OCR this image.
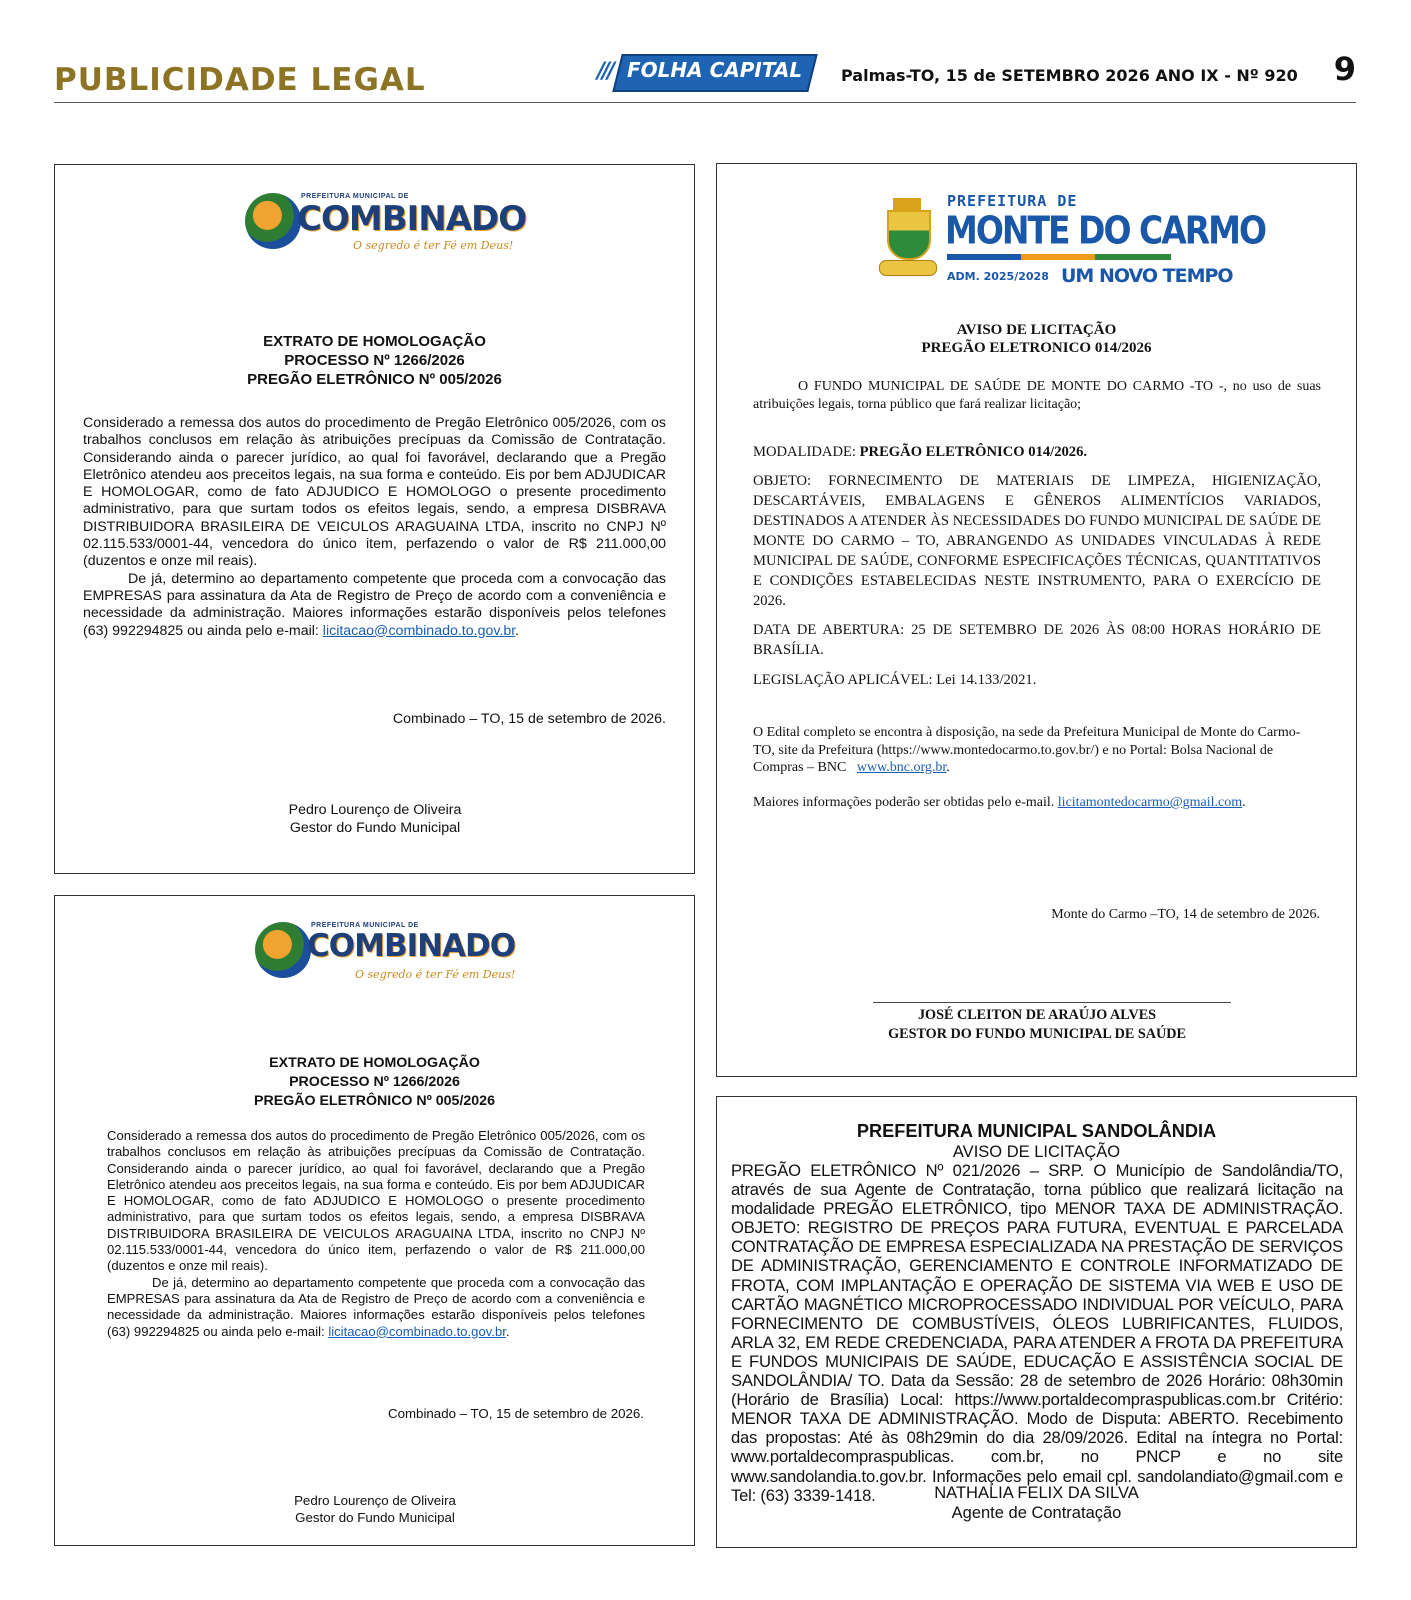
PUBLICIDADE LEGAL	/// FOLHA CAPITAL Palmas-TO, 15 de SETEMBRO 2026 ANO IX - Nº 920 9
PREFEITURA MUNICIPAL DE
COMBINADO
O segredo é ter Fé em Deus!
EXTRATO DE HOMOLOGAÇÃO
PROCESSO Nº 1266/2026
PREGÃO ELETRÔNICO Nº 005/2026

Considerado a remessa dos autos do procedimento de Pregão Eletrônico 005/2026, com os trabalhos conclusos em relação às atribuições precípuas da Comissão de Contratação. Considerando ainda o parecer jurídico, ao qual foi favorável, declarando que a Pregão Eletrônico atendeu aos preceitos legais, na sua forma e conteúdo. Eis por bem ADJUDICAR E HOMOLOGAR, como de fato ADJUDICO E HOMOLOGO o presente procedimento administrativo, para que surtam todos os efeitos legais, sendo, a empresa DISBRAVA DISTRIBUIDORA BRASILEIRA DE VEICULOS ARAGUAINA LTDA, inscrito no CNPJ Nº 02.115.533/0001-44, vencedora do único item, perfazendo o valor de R$ 211.000,00 (duzentos e onze mil reais).

De já, determino ao departamento competente que proceda com a convocação das EMPRESAS para assinatura da Ata de Registro de Preço de acordo com a conveniência e necessidade da administração. Maiores informações estarão disponíveis pelos telefones (63) 992294825 ou ainda pelo e-mail: licitacao@combinado.to.gov.br.

Combinado – TO, 15 de setembro de 2026.
Pedro Lourenço de Oliveira
Gestor do Fundo Municipal
PREFEITURA DE
MONTE DO CARMO
ADM. 2025/2028 UM NOVO TEMPO
AVISO DE LICITAÇÃO
PREGÃO ELETRONICO 014/2026
O FUNDO MUNICIPAL DE SAÚDE DE MONTE DO CARMO -TO -, no uso de suas atribuições legais, torna público que fará realizar licitação;

MODALIDADE: PREGÃO ELETRÔNICO 014/2026.

OBJETO: FORNECIMENTO DE MATERIAIS DE LIMPEZA, HIGIENIZAÇÃO, DESCARTÁVEIS, EMBALAGENS E GÊNEROS ALIMENTÍCIOS VARIADOS, DESTINADOS A ATENDER ÀS NECESSIDADES DO FUNDO MUNICIPAL DE SAÚDE DE MONTE DO CARMO – TO, ABRANGENDO AS UNIDADES VINCULADAS À REDE MUNICIPAL DE SAÚDE, CONFORME ESPECIFICAÇÕES TÉCNICAS, QUANTITATIVOS E CONDIÇÕES ESTABELECIDAS NESTE INSTRUMENTO, PARA O EXERCÍCIO DE 2026.

DATA DE ABERTURA: 25 DE SETEMBRO DE 2026 ÀS 08:00 HORAS HORÁRIO DE BRASÍLIA.

LEGISLAÇÃO APLICÁVEL: Lei 14.133/2021.

O Edital completo se encontra à disposição, na sede da Prefeitura Municipal de Monte do Carmo- TO, site da Prefeitura (https://www.montedocarmo.to.gov.br/) e no Portal: Bolsa Nacional de Compras – BNC www.bnc.org.br.
Maiores informações poderão ser obtidas pelo e-mail. licitamontedocarmo@gmail.com.
Monte do Carmo –TO, 14 de setembro de 2026.
JOSÉ CLEITON DE ARAÚJO ALVES
GESTOR DO FUNDO MUNICIPAL DE SAÚDE
PREFEITURA MUNICIPAL DE
COMBINADO
O segredo é ter Fé em Deus!
EXTRATO DE HOMOLOGAÇÃO
PROCESSO Nº 1266/2026
PREGÃO ELETRÔNICO Nº 005/2026

Considerado a remessa dos autos do procedimento de Pregão Eletrônico 005/2026, com os trabalhos conclusos em relação às atribuições precípuas da Comissão de Contratação. Considerando ainda o parecer jurídico, ao qual foi favorável, declarando que a Pregão Eletrônico atendeu aos preceitos legais, na sua forma e conteúdo. Eis por bem ADJUDICAR E HOMOLOGAR, como de fato ADJUDICO E HOMOLOGO o presente procedimento administrativo, para que surtam todos os efeitos legais, sendo, a empresa DISBRAVA DISTRIBUIDORA BRASILEIRA DE VEICULOS ARAGUAINA LTDA, inscrito no CNPJ Nº 02.115.533/0001-44, vencedora do único item, perfazendo o valor de R$ 211.000,00 (duzentos e onze mil reais).

De já, determino ao departamento competente que proceda com a convocação das EMPRESAS para assinatura da Ata de Registro de Preço de acordo com a conveniência e necessidade da administração. Maiores informações estarão disponíveis pelos telefones (63) 992294825 ou ainda pelo e-mail: licitacao@combinado.to.gov.br.

Combinado – TO, 15 de setembro de 2026.
Pedro Lourenço de Oliveira
Gestor do Fundo Municipal
PREFEITURA MUNICIPAL SANDOLÂNDIA
AVISO DE LICITAÇÃO
PREGÃO ELETRÔNICO Nº 021/2026 – SRP. O Município de Sandolândia/TO, através de sua Agente de Contratação, torna público que realizará licitação na modalidade PREGÃO ELETRÔNICO, tipo MENOR TAXA DE ADMINISTRAÇÃO. OBJETO: REGISTRO DE PREÇOS PARA FUTURA, EVENTUAL E PARCELADA CONTRATAÇÃO DE EMPRESA ESPECIALIZADA NA PRESTAÇÃO DE SERVIÇOS DE ADMINISTRAÇÃO, GERENCIAMENTO E CONTROLE INFORMATIZADO DE FROTA, COM IMPLANTAÇÃO E OPERAÇÃO DE SISTEMA VIA WEB E USO DE CARTÃO MAGNÉTICO MICROPROCESSADO INDIVIDUAL POR VEÍCULO, PARA FORNECIMENTO DE COMBUSTÍVEIS, ÓLEOS LUBRIFICANTES, FLUIDOS, ARLA 32, EM REDE CREDENCIADA, PARA ATENDER A FROTA DA PREFEITURA E FUNDOS MUNICIPAIS DE SAÚDE, EDUCAÇÃO E ASSISTÊNCIA SOCIAL DE SANDOLÂNDIA/ TO. Data da Sessão: 28 de setembro de 2026 Horário: 08h30min (Horário de Brasília) Local: https://www.portaldecompraspublicas.com.br Critério: MENOR TAXA DE ADMINISTRAÇÃO. Modo de Disputa: ABERTO. Recebimento das propostas: Até às 08h29min do dia 28/09/2026. Edital na íntegra no Portal: www.portaldecompraspublicas. com.br, no PNCP e no site www.sandolandia.to.gov.br. Informações pelo email cpl. sandolandiato@gmail.com e Tel: (63) 3339-1418.	NATHALIA FELIX DA SILVA
Agente de Contratação
